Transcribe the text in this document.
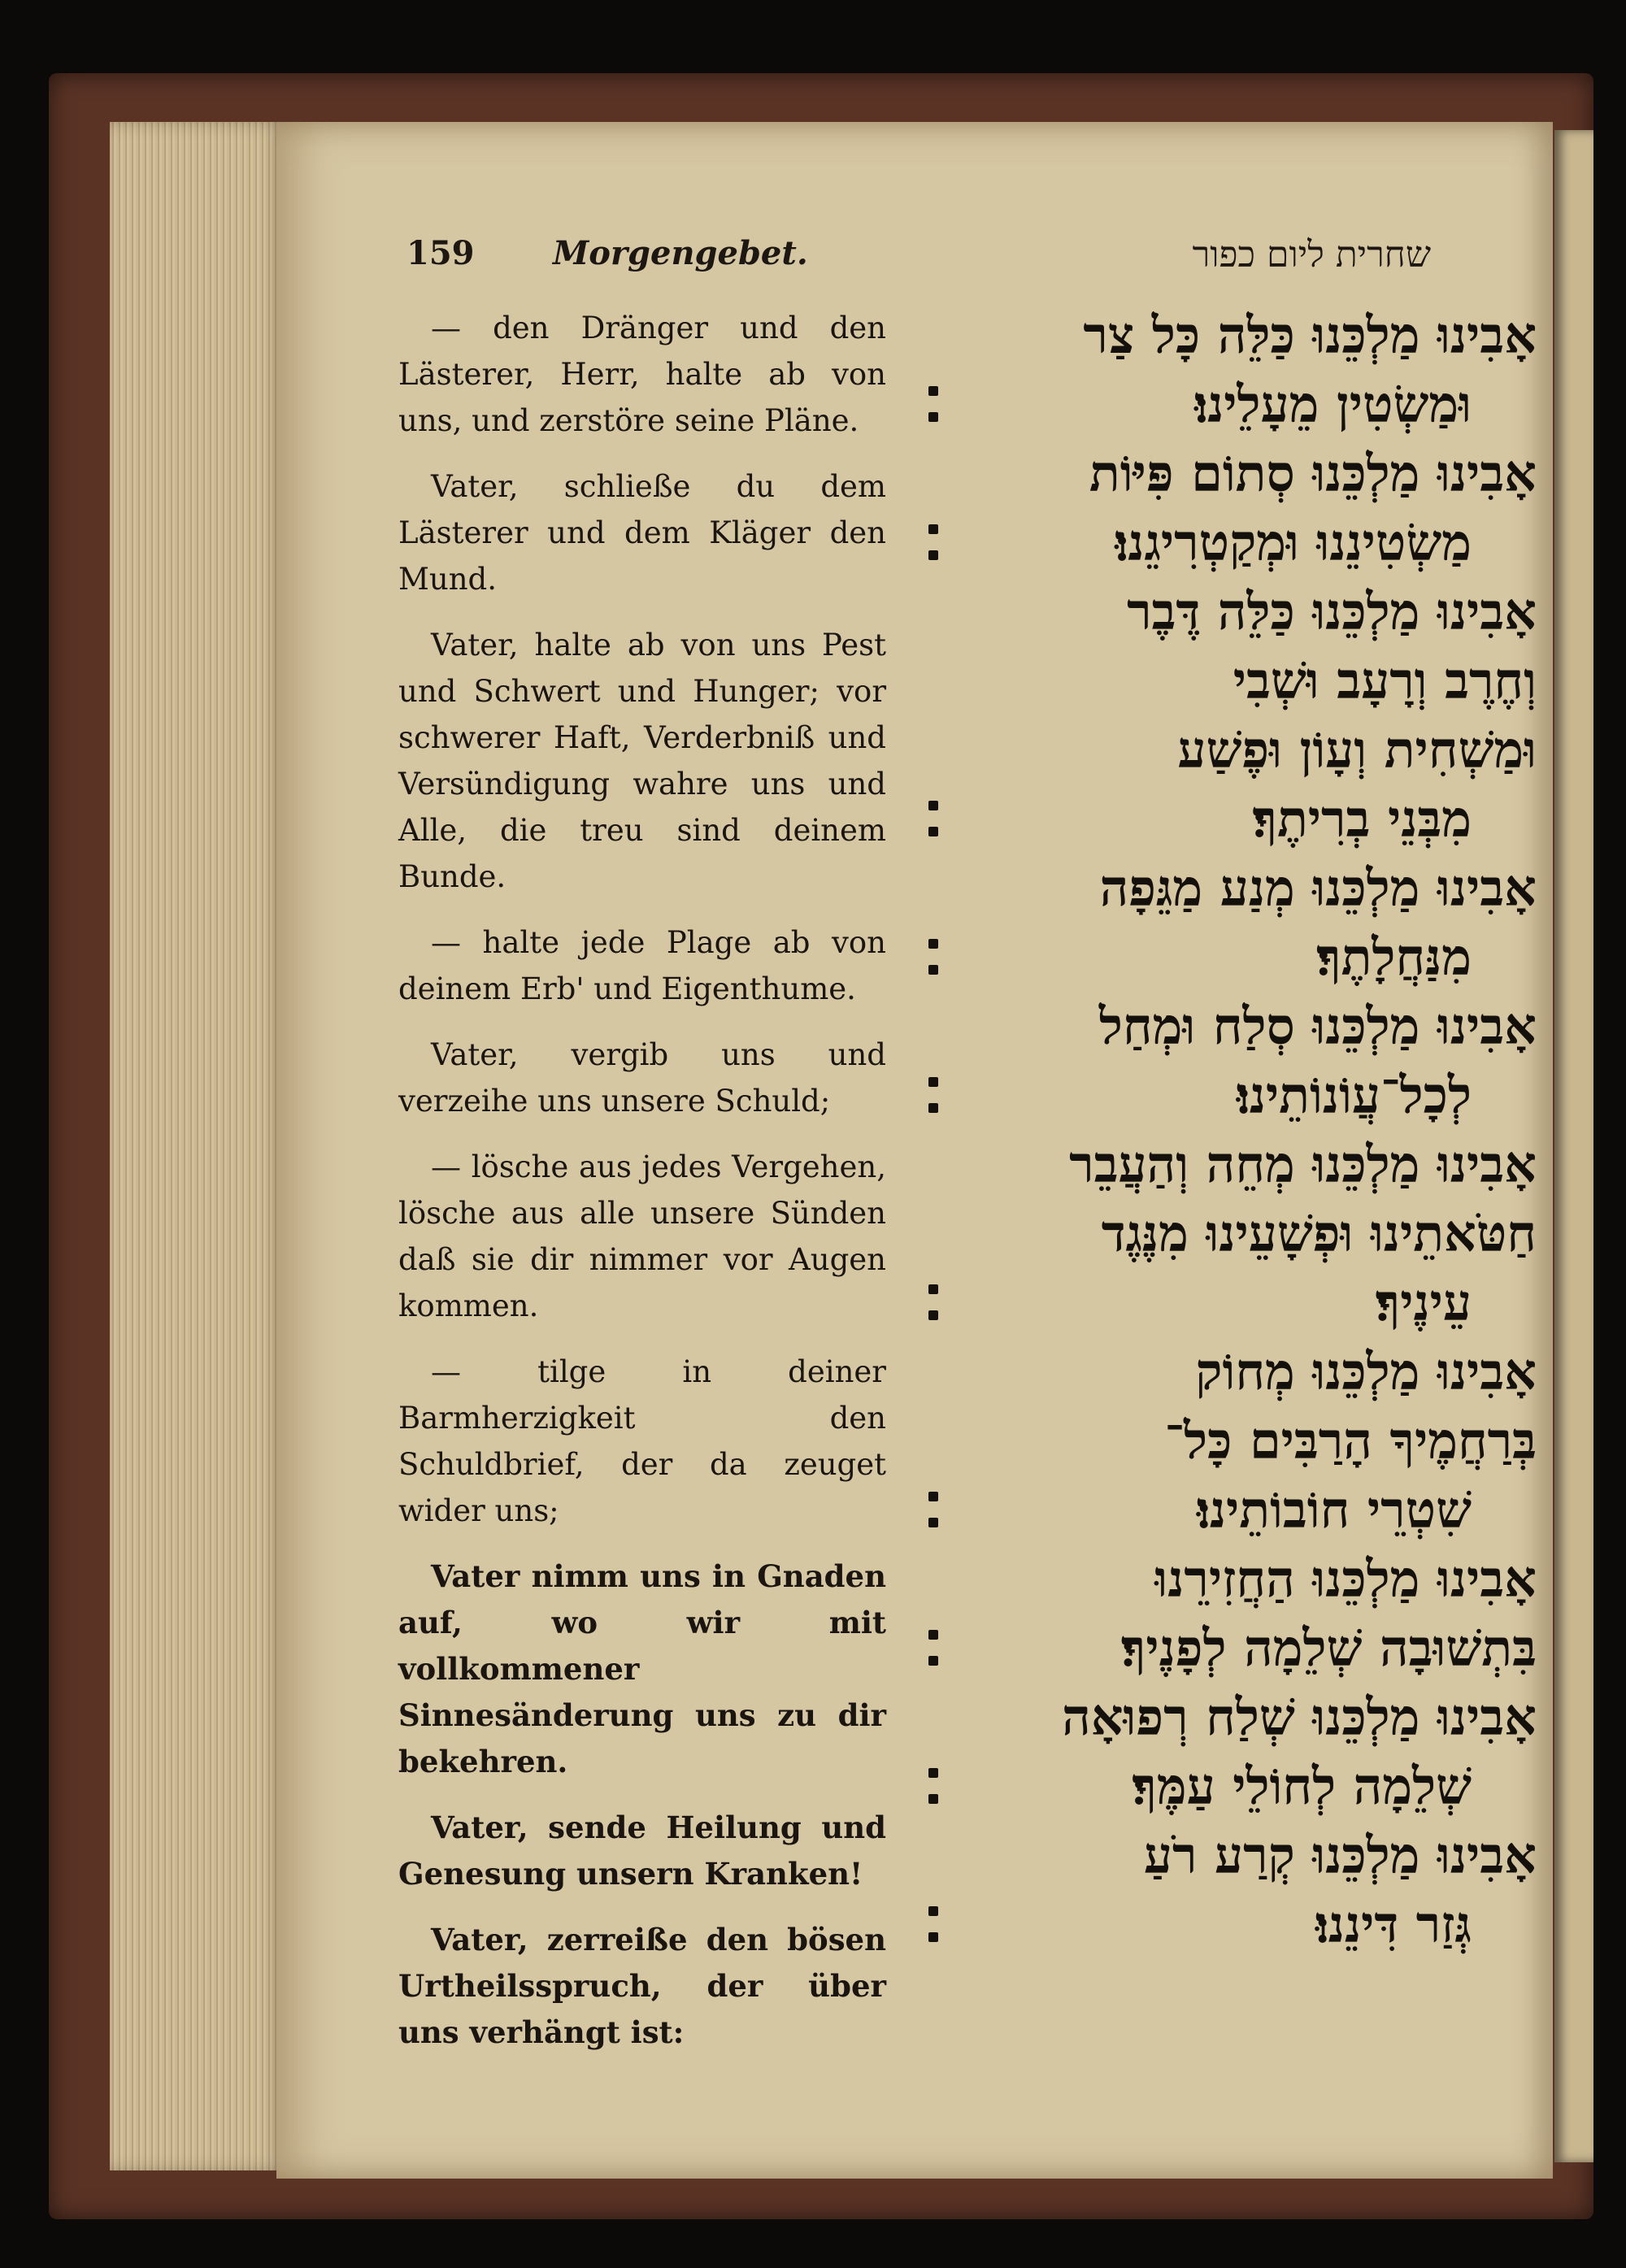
159 Morgengebet.	שחרית ליום כפור

— den Dränger und den Lästerer, Herr, halte ab von uns, und zerstöre seine Pläne.

Vater, schließe du dem Lästerer und dem Kläger den Mund.

Vater, halte ab von uns Pest und Schwert und Hunger; vor schwerer Haft, Verderbniß und Versündigung wahre uns und Alle, die treu sind deinem Bunde.

— halte jede Plage ab von deinem Erb' und Eigenthume.

Vater, vergib uns und verzeihe uns unsere Schuld;

— lösche aus jedes Vergehen, lösche aus alle unsere Sünden daß sie dir nimmer vor Augen kommen.

— tilge in deiner Barmherzigkeit den Schuldbrief, der da zeuget wider uns;

Vater nimm uns in Gnaden auf, wo wir mit vollkommener Sinnesänderung uns zu dir bekehren.

Vater, sende Heilung und Genesung unsern Kranken!

Vater, zerreiße den bösen Urtheilsspruch, der über uns verhängt ist:

אָבִינוּ מַלְכֵּנוּ כַּלֵּה כָּל צַר
וּמַשְׂטִין מֵעָלֵינוּ׃
אָבִינוּ מַלְכֵּנוּ סְתוֹם פִּיּוֹת
מַשְׂטִינֵנוּ וּמְקַטְרִיגֵנוּ׃
אָבִינוּ מַלְכֵּנוּ כַּלֵּה דֶּבֶר
וְחֶרֶב וְרָעָב וּשְׁבִי
וּמַשְׁחִית וְעָוֹן וּפֶשַׁע
מִבְּנֵי בְרִיתֶךָ׃
אָבִינוּ מַלְכֵּנוּ מְנַע מַגֵּפָה
מִנַּחֲלָתֶךָ׃
אָבִינוּ מַלְכֵּנוּ סְלַח וּמְחַל
לְכָל־עֲוֹנוֹתֵינוּ׃
אָבִינוּ מַלְכֵּנוּ מְחֵה וְהַעֲבֵר
חַטֹּאתֵינוּ וּפְשָׁעֵינוּ מִנֶּגֶד
עֵינֶיךָ׃
אָבִינוּ מַלְכֵּנוּ מְחוֹק
בְּרַחֲמֶיךָ הָרַבִּים כָּל־
שִׁטְרֵי חוֹבוֹתֵינוּ׃
אָבִינוּ מַלְכֵּנוּ הַחֲזִירֵנוּ
בִּתְשׁוּבָה שְׁלֵמָה לְפָנֶיךָ׃
אָבִינוּ מַלְכֵּנוּ שְׁלַח רְפוּאָה
שְׁלֵמָה לְחוֹלֵי עַמֶּךָ׃
אָבִינוּ מַלְכֵּנוּ קְרַע רֹעַ
גְּזַר דִּינֵנוּ׃
